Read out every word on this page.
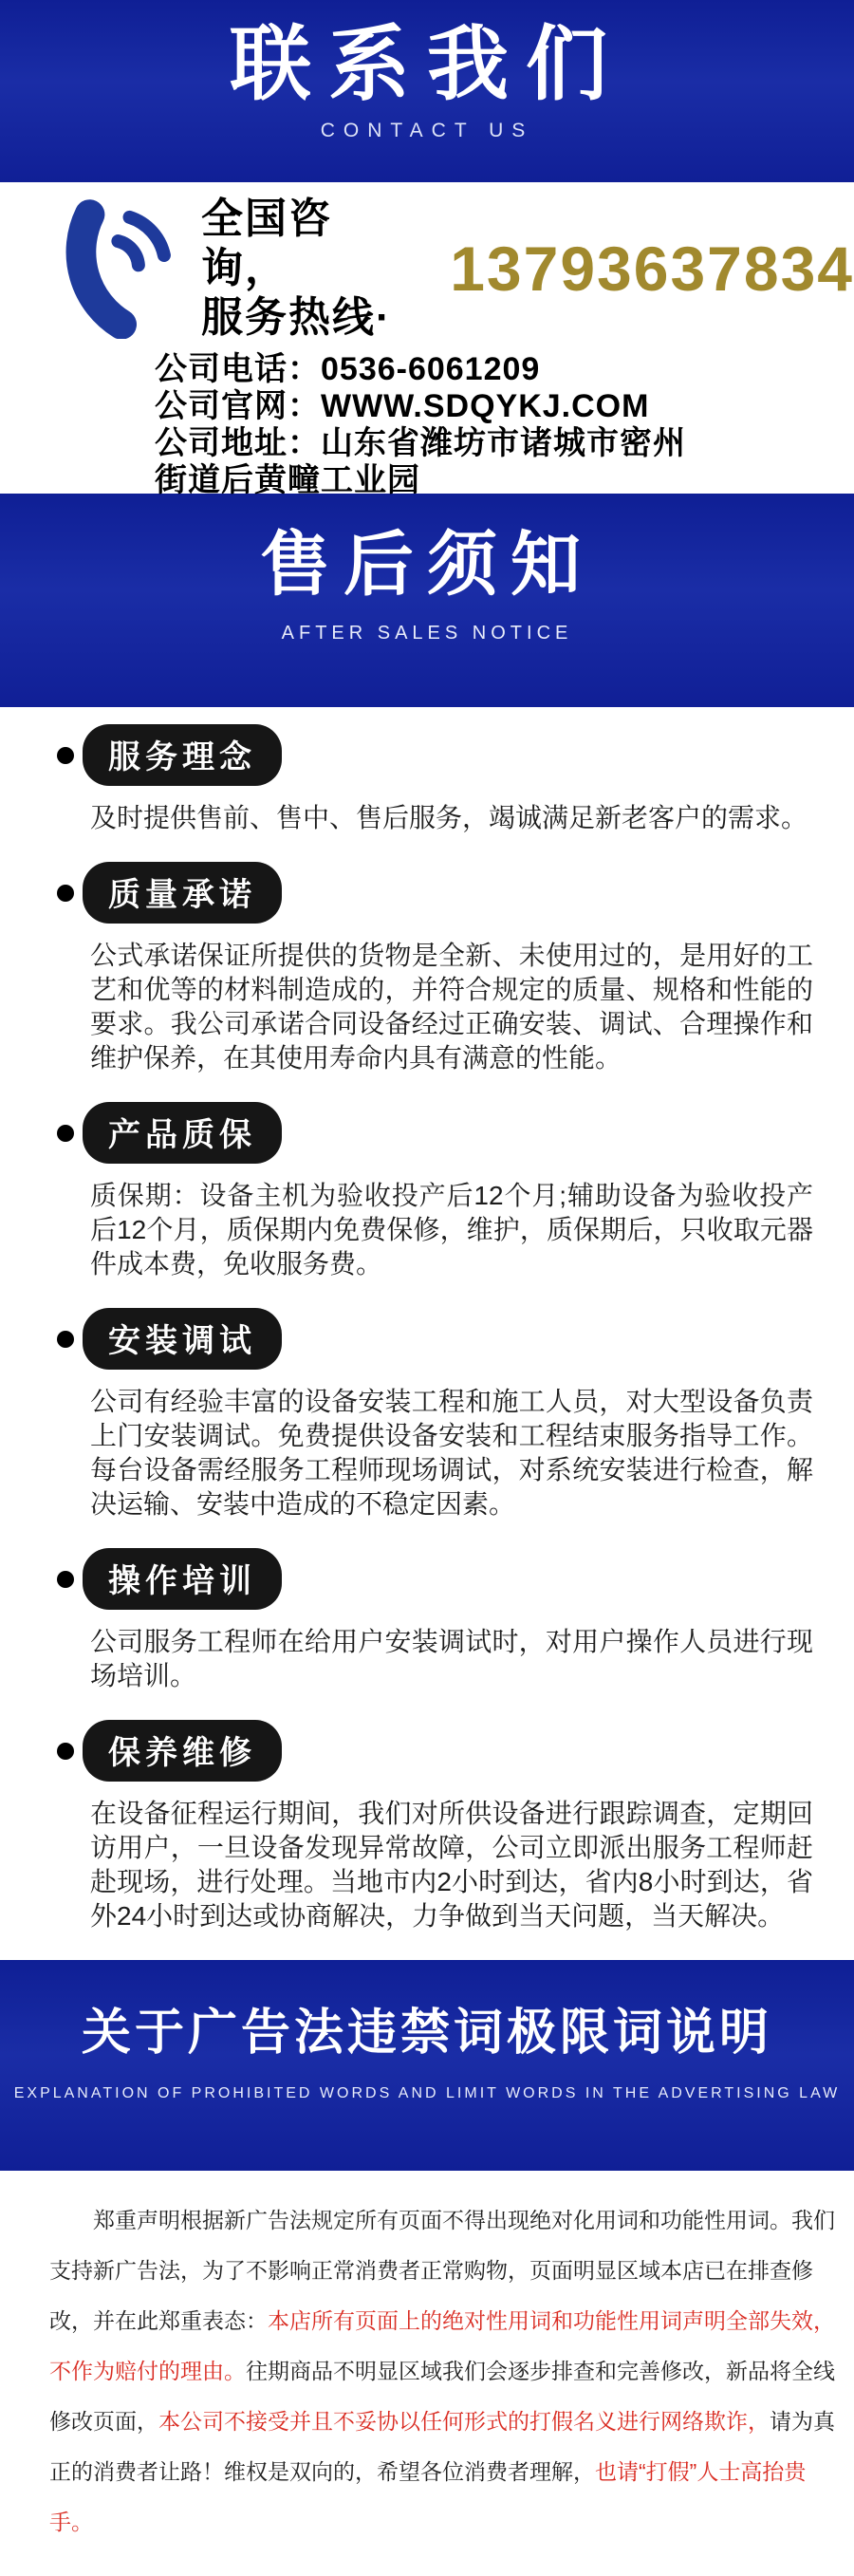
联系我们
CONTACT US
全国咨询，
服务热线·
13793637834
公司电话：0536-6061209
公司官网：WWW.SDQYKJ.COM
公司地址：山东省潍坊市诸城市密州
街道后黄疃工业园
售后须知
AFTER SALES NOTICE
服务理念

及时提供售前、售中、售后服务，竭诚满足新老客户的需求。

质量承诺

公式承诺保证所提供的货物是全新、未使用过的，是用好的工艺和优等的材料制造成的，并符合规定的质量、规格和性能的要求。我公司承诺合同设备经过正确安装、调试、合理操作和维护保养，在其使用寿命内具有满意的性能。

产品质保

质保期：设备主机为验收投产后12个月;辅助设备为验收投产后12个月，质保期内免费保修，维护，质保期后，只收取元器件成本费，免收服务费。

安装调试

公司有经验丰富的设备安装工程和施工人员，对大型设备负责上门安装调试。免费提供设备安装和工程结束服务指导工作。每台设备需经服务工程师现场调试，对系统安装进行检查，解决运输、安装中造成的不稳定因素。

操作培训

公司服务工程师在给用户安装调试时，对用户操作人员进行现场培训。

保养维修

在设备征程运行期间，我们对所供设备进行跟踪调查，定期回访用户，一旦设备发现异常故障，公司立即派出服务工程师赶赴现场，进行处理。当地市内2小时到达，省内8小时到达，省外24小时到达或协商解决，力争做到当天问题，当天解决。

关于广告法违禁词极限词说明
EXPLANATION OF PROHIBITED WORDS AND LIMIT WORDS IN THE ADVERTISING LAW

郑重声明根据新广告法规定所有页面不得出现绝对化用词和功能性用词。我们支持新广告法，为了不影响正常消费者正常购物，页面明显区域本店已在排查修改，并在此郑重表态：本店所有页面上的绝对性用词和功能性用词声明全部失效，不作为赔付的理由。往期商品不明显区域我们会逐步排查和完善修改，新品将全线修改页面，本公司不接受并且不妥协以任何形式的打假名义进行网络欺诈，请为真正的消费者让路！维权是双向的，希望各位消费者理解，也请“打假”人士高抬贵手。
